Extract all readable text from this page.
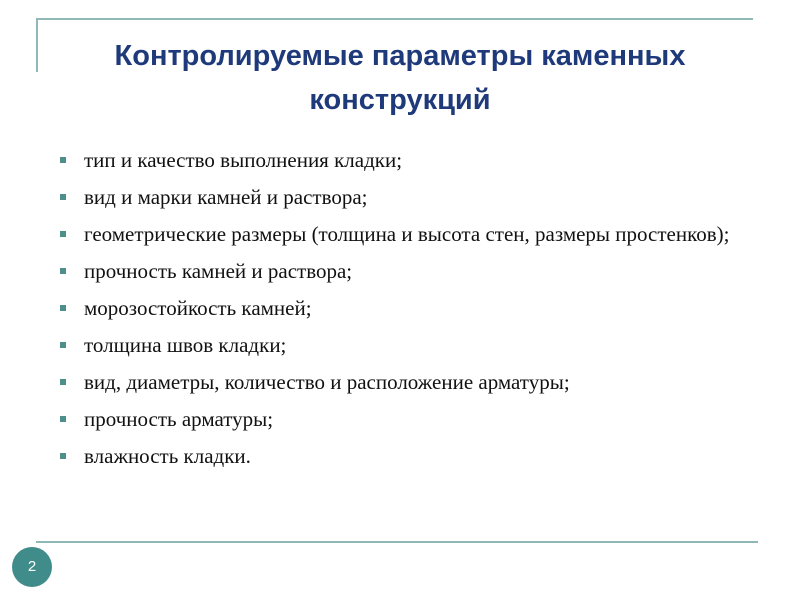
Контролируемые параметры каменных конструкций
тип и качество выполнения кладки;
вид и марки камней и раствора;
геометрические размеры (толщина и высота стен, размеры простенков);
прочность камней и раствора;
морозостойкость камней;
толщина швов кладки;
вид, диаметры, количество и расположение арматуры;
прочность арматуры;
влажность кладки.
2
